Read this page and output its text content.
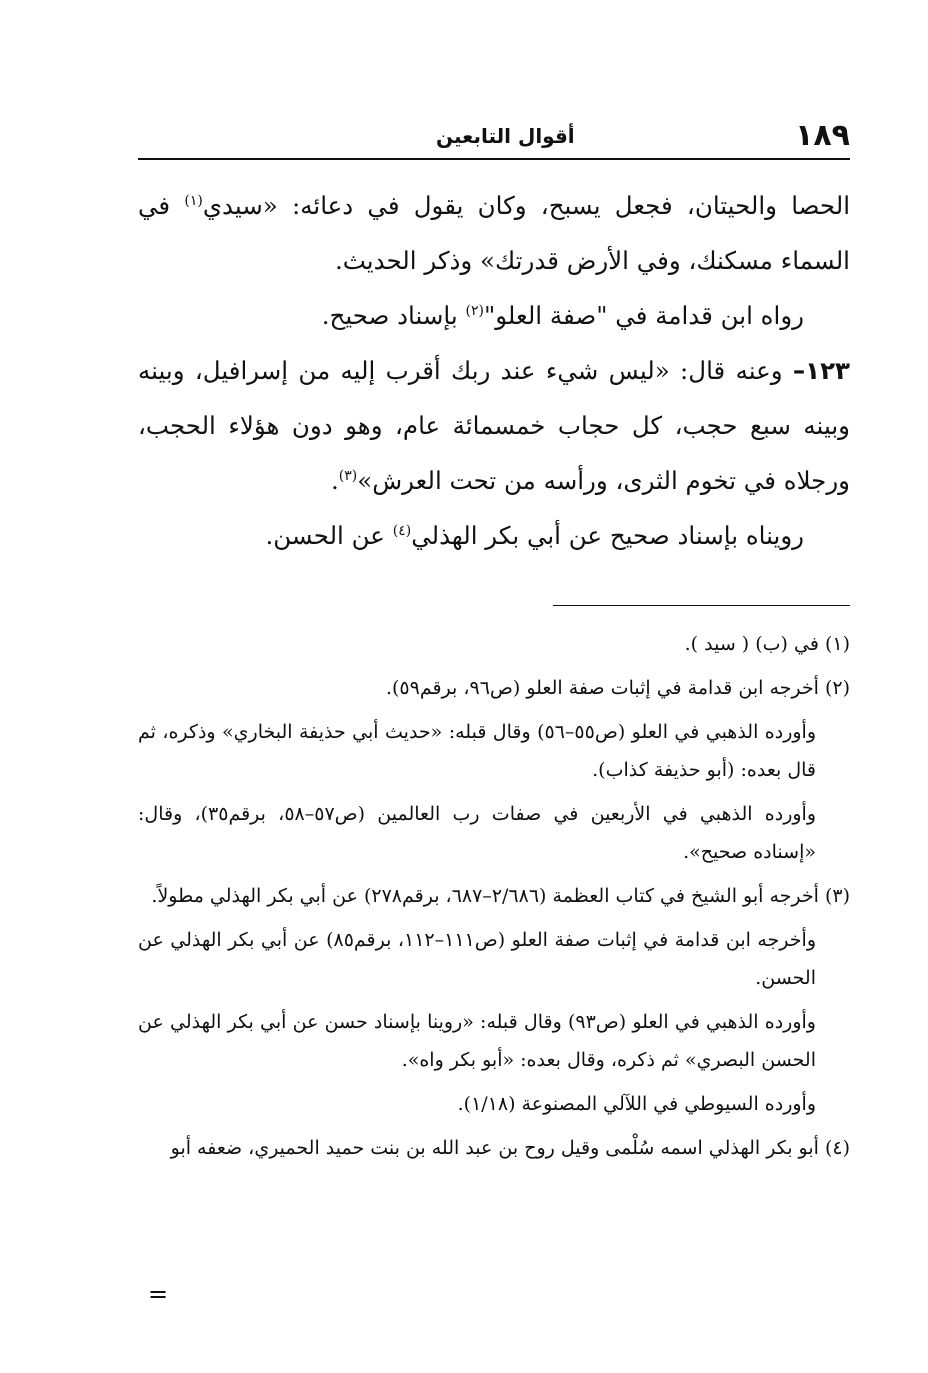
١٨٩
أقوال التابعين

الحصا والحيتان، فجعل يسبح، وكان يقول في دعائه: «سيدي$^{(١)}$ في السماء مسكنك، وفي الأرض قدرتك» وذكر الحديث.

رواه ابن قدامة في "صفة العلو"$^{(٢)}$ بإسناد صحيح.

١٢٣– وعنه قال: «ليس شيء عند ربك أقرب إليه من إسرافيل، وبينه وبينه سبع حجب، كل حجاب خمسمائة عام، وهو دون هؤلاء الحجب، ورجلاه في تخوم الثرى، ورأسه من تحت العرش»$^{(٣)}$.

رويناه بإسناد صحيح عن أبي بكر الهذلي$^{(٤)}$ عن الحسن.

(١) في (ب) ( سيد ).

(٢) أخرجه ابن قدامة في إثبات صفة العلو (ص٩٦، برقم٥٩).

وأورده الذهبي في العلو (ص٥٥–٥٦) وقال قبله: «حديث أبي حذيفة البخاري» وذكره، ثم قال بعده: (أبو حذيفة كذاب).

وأورده الذهبي في الأربعين في صفات رب العالمين (ص٥٧–٥٨، برقم٣٥)، وقال: «إسناده صحيح».

(٣) أخرجه أبو الشيخ في كتاب العظمة (٢/٦٨٦–٦٨٧، برقم٢٧٨) عن أبي بكر الهذلي مطولاً.

وأخرجه ابن قدامة في إثبات صفة العلو (ص١١١–١١٢، برقم٨٥) عن أبي بكر الهذلي عن الحسن.

وأورده الذهبي في العلو (ص٩٣) وقال قبله: «روينا بإسناد حسن عن أبي بكر الهذلي عن الحسن البصري» ثم ذكره، وقال بعده: «أبو بكر واه».

وأورده السيوطي في اللآلي المصنوعة (١/١٨).

(٤) أبو بكر الهذلي اسمه سُلْمى وقيل روح بن عبد الله بن بنت حميد الحميري، ضعفه أبو

=
